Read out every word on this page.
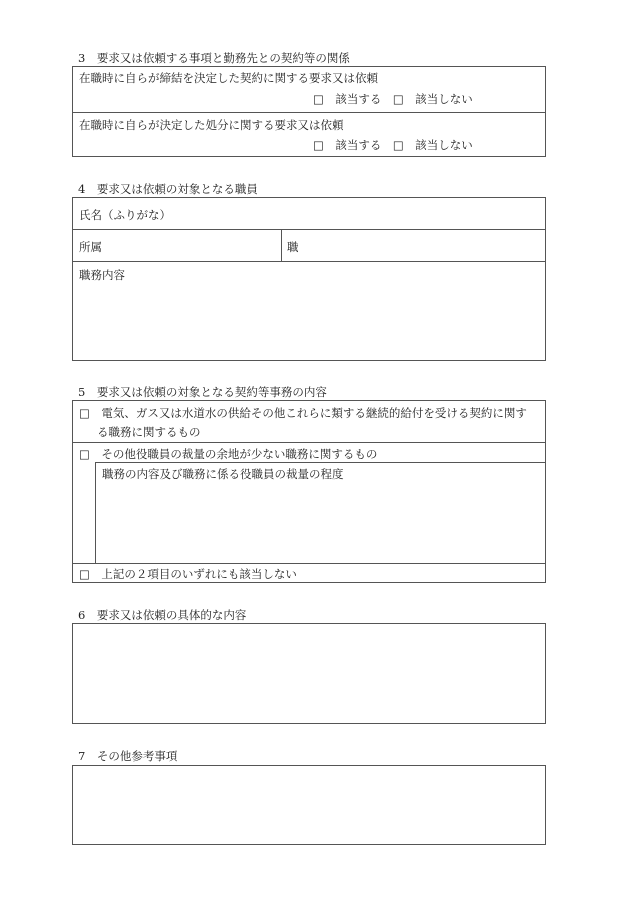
3　要求又は依頼する事項と勤務先との契約等の関係
在職時に自らが締結を決定した契約に関する要求又は依頼
□　該当する　□　該当しない
在職時に自らが決定した処分に関する要求又は依頼
□　該当する　□　該当しない
4　要求又は依頼の対象となる職員
氏名（ふりがな）
所属	職
職務内容
5　要求又は依頼の対象となる契約等事務の内容
□　電気、ガス又は水道水の供給その他これらに類する継続的給付を受ける契約に関す
る職務に関するもの
□　その他役職員の裁量の余地が少ない職務に関するもの
職務の内容及び職務に係る役職員の裁量の程度
□　上記の２項目のいずれにも該当しない
6　要求又は依頼の具体的な内容
7　その他参考事項
